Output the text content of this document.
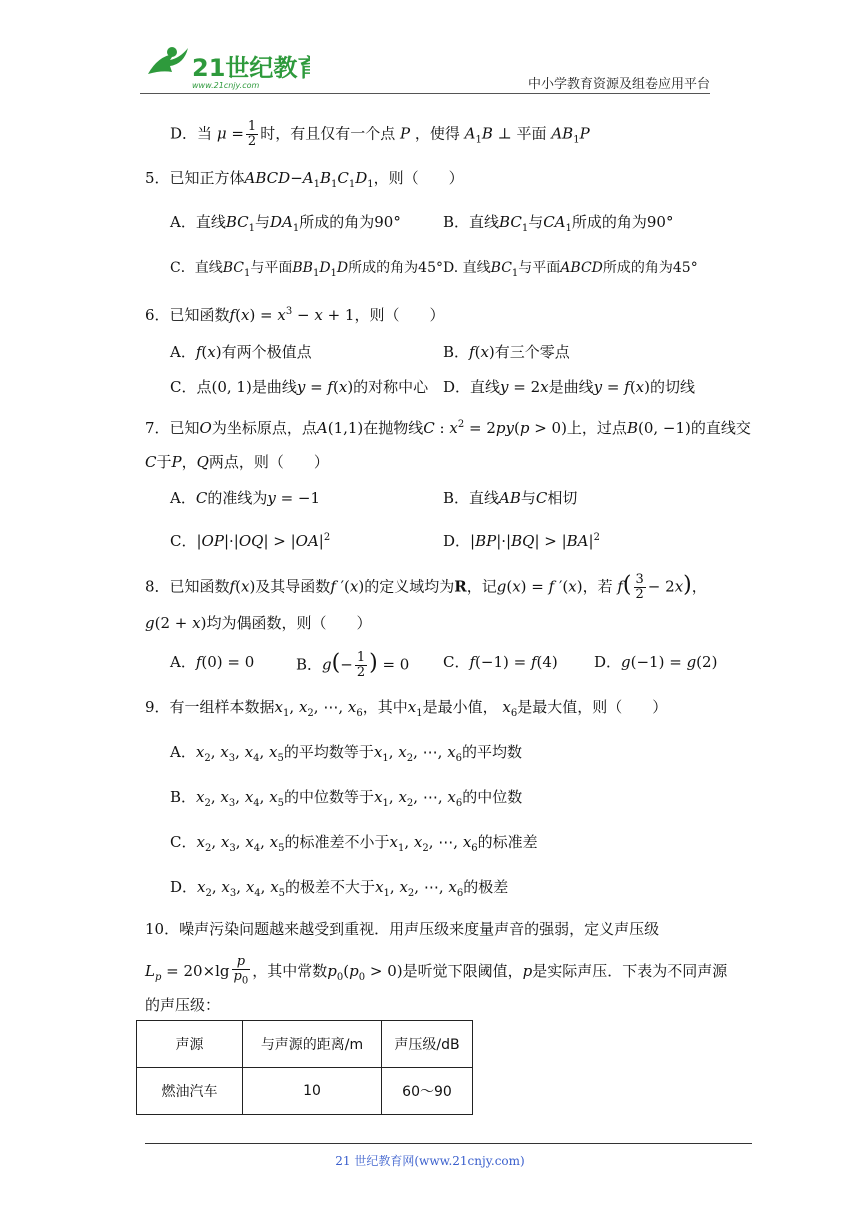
21世纪教育
www.21cnjy.com	中小学教育资源及组卷应用平台
D．当 $\mu = \frac{1}{2}$ 时，有且仅有一个点 P ，使得 $A_1B$ ⊥ 平面 $AB_1P$
5．已知正方体$ABCD-A_1B_1C_1D_1$，则（　　）
A．直线$BC_1$与$DA_1$所成的角为90°	B．直线$BC_1$与$CA_1$所成的角为90°
C．直线$BC_1$与平面$BB_1D_1D$所成的角为45° D. 直线$BC_1$与平面ABCD所成的角为45°
6．已知函数$f(x) = x^3 - x + 1$，则（　　）
A．f(x)有两个极值点	B．f(x)有三个零点
C．点(0, 1)是曲线y = f(x)的对称中心 D．直线y = 2x是曲线y = f(x)的切线
7．已知O为坐标原点，点A(1,1)在抛物线C : $x^2 = 2py(p > 0)$上，过点B(0, −1)的直线交
C于P，Q两点，则（　　）
A．C的准线为y = −1	B．直线AB与C相切
C．$|OP|\cdot|OQ| > |OA|^2$	D．$|BP|\cdot|BQ| > |BA|^2$
8．已知函数f(x)及其导函数f ′(x)的定义域均为R，记g(x) = f ′(x)，若 $f( \frac{3}{2} - 2x)$，
g(2 + x)均为偶函数，则（　　）
A．f(0) = 0	B．$g(- \frac{1}{2}$ ) = 0 C．f(−1) = f(4) D．g(−1) = g(2)
9．有一组样本数据$x_1$, $x_2$, ⋯, $x_6$，其中$x_1$是最小值， $x_6$是最大值，则（　　）
A．$x_2$, $x_3$, $x_4$, $x_5$的平均数等于$x_1$, $x_2$, ⋯, $x_6$的平均数
B．$x_2$, $x_3$, $x_4$, $x_5$的中位数等于$x_1$, $x_2$, ⋯, $x_6$的中位数
C．$x_2$, $x_3$, $x_4$, $x_5$的标准差不小于$x_1$, $x_2$, ⋯, $x_6$的标准差
D．$x_2$, $x_3$, $x_4$, $x_5$的极差不大于$x_1$, $x_2$, ⋯, $x_6$的极差
10．噪声污染问题越来越受到重视．用声压级来度量声音的强弱，定义声压级
$L_p = 20\times\lg \frac{p}{p_0}$ ，其中常数$p_0(p_0 > 0)$是听觉下限阈值，p是实际声压．下表为不同声源
的声压级：
声源	与声源的距离/m	声压级/dB
燃油汽车	10	60～90
21 世纪教育网(www.21cnjy.com)
